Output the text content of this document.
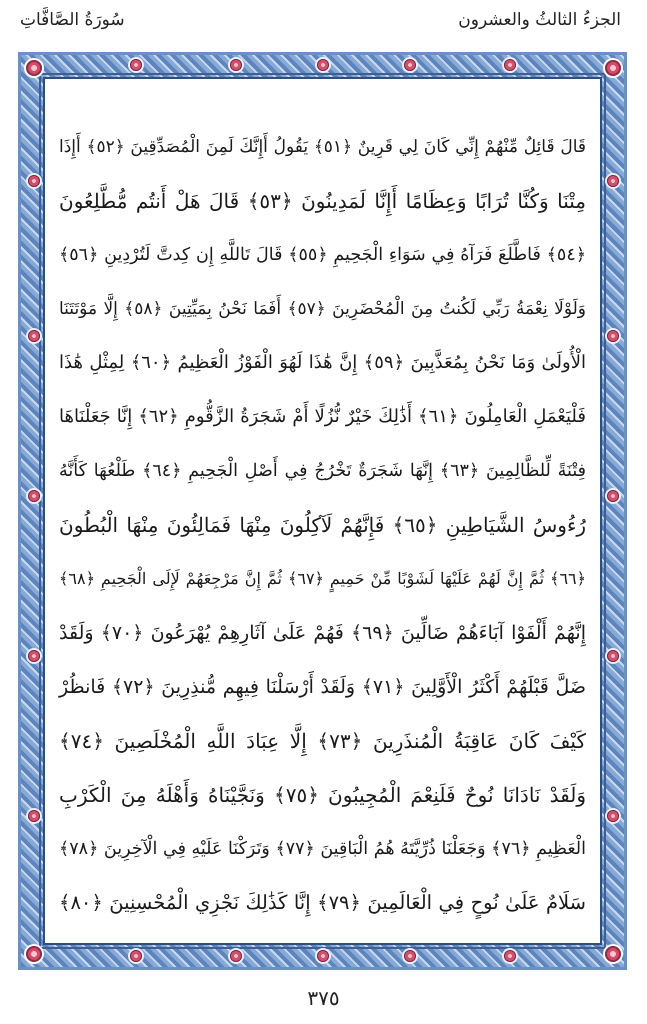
الجزءُ الثالثُ والعشرون
سُورَةُ الصَّافَّاتِ
قَالَ قَائِلٌ مِّنْهُمْ إِنِّي كَانَ لِي قَرِينٌ ﴿٥١﴾ يَقُولُ أَإِنَّكَ لَمِنَ الْمُصَدِّقِينَ ﴿٥٢﴾ أَإِذَا
مِتْنَا وَكُنَّا تُرَابًا وَعِظَامًا أَإِنَّا لَمَدِينُونَ ﴿٥٣﴾ قَالَ هَلْ أَنتُم مُّطَّلِعُونَ
﴿٥٤﴾ فَاطَّلَعَ فَرَآهُ فِي سَوَاءِ الْجَحِيمِ ﴿٥٥﴾ قَالَ تَاللَّهِ إِن كِدتَّ لَتُرْدِينِ ﴿٥٦﴾
وَلَوْلَا نِعْمَةُ رَبِّي لَكُنتُ مِنَ الْمُحْضَرِينَ ﴿٥٧﴾ أَفَمَا نَحْنُ بِمَيِّتِينَ ﴿٥٨﴾ إِلَّا مَوْتَتَنَا
الْأُولَىٰ وَمَا نَحْنُ بِمُعَذَّبِينَ ﴿٥٩﴾ إِنَّ هَٰذَا لَهُوَ الْفَوْزُ الْعَظِيمُ ﴿٦٠﴾ لِمِثْلِ هَٰذَا
فَلْيَعْمَلِ الْعَامِلُونَ ﴿٦١﴾ أَذَٰلِكَ خَيْرٌ نُّزُلًا أَمْ شَجَرَةُ الزَّقُّومِ ﴿٦٢﴾ إِنَّا جَعَلْنَاهَا
فِتْنَةً لِّلظَّالِمِينَ ﴿٦٣﴾ إِنَّهَا شَجَرَةٌ تَخْرُجُ فِي أَصْلِ الْجَحِيمِ ﴿٦٤﴾ طَلْعُهَا كَأَنَّهُ
رُءُوسُ الشَّيَاطِينِ ﴿٦٥﴾ فَإِنَّهُمْ لَآكِلُونَ مِنْهَا فَمَالِئُونَ مِنْهَا الْبُطُونَ
﴿٦٦﴾ ثُمَّ إِنَّ لَهُمْ عَلَيْهَا لَشَوْبًا مِّنْ حَمِيمٍ ﴿٦٧﴾ ثُمَّ إِنَّ مَرْجِعَهُمْ لَإِلَى الْجَحِيمِ ﴿٦٨﴾
إِنَّهُمْ أَلْفَوْا آبَاءَهُمْ ضَالِّينَ ﴿٦٩﴾ فَهُمْ عَلَىٰ آثَارِهِمْ يُهْرَعُونَ ﴿٧٠﴾ وَلَقَدْ
ضَلَّ قَبْلَهُمْ أَكْثَرُ الْأَوَّلِينَ ﴿٧١﴾ وَلَقَدْ أَرْسَلْنَا فِيهِم مُّنذِرِينَ ﴿٧٢﴾ فَانظُرْ
كَيْفَ كَانَ عَاقِبَةُ الْمُنذَرِينَ ﴿٧٣﴾ إِلَّا عِبَادَ اللَّهِ الْمُخْلَصِينَ ﴿٧٤﴾
وَلَقَدْ نَادَانَا نُوحٌ فَلَنِعْمَ الْمُجِيبُونَ ﴿٧٥﴾ وَنَجَّيْنَاهُ وَأَهْلَهُ مِنَ الْكَرْبِ
الْعَظِيمِ ﴿٧٦﴾ وَجَعَلْنَا ذُرِّيَّتَهُ هُمُ الْبَاقِينَ ﴿٧٧﴾ وَتَرَكْنَا عَلَيْهِ فِي الْآخِرِينَ ﴿٧٨﴾
سَلَامٌ عَلَىٰ نُوحٍ فِي الْعَالَمِينَ ﴿٧٩﴾ إِنَّا كَذَٰلِكَ نَجْزِي الْمُحْسِنِينَ ﴿٨٠﴾
٣٧٥
